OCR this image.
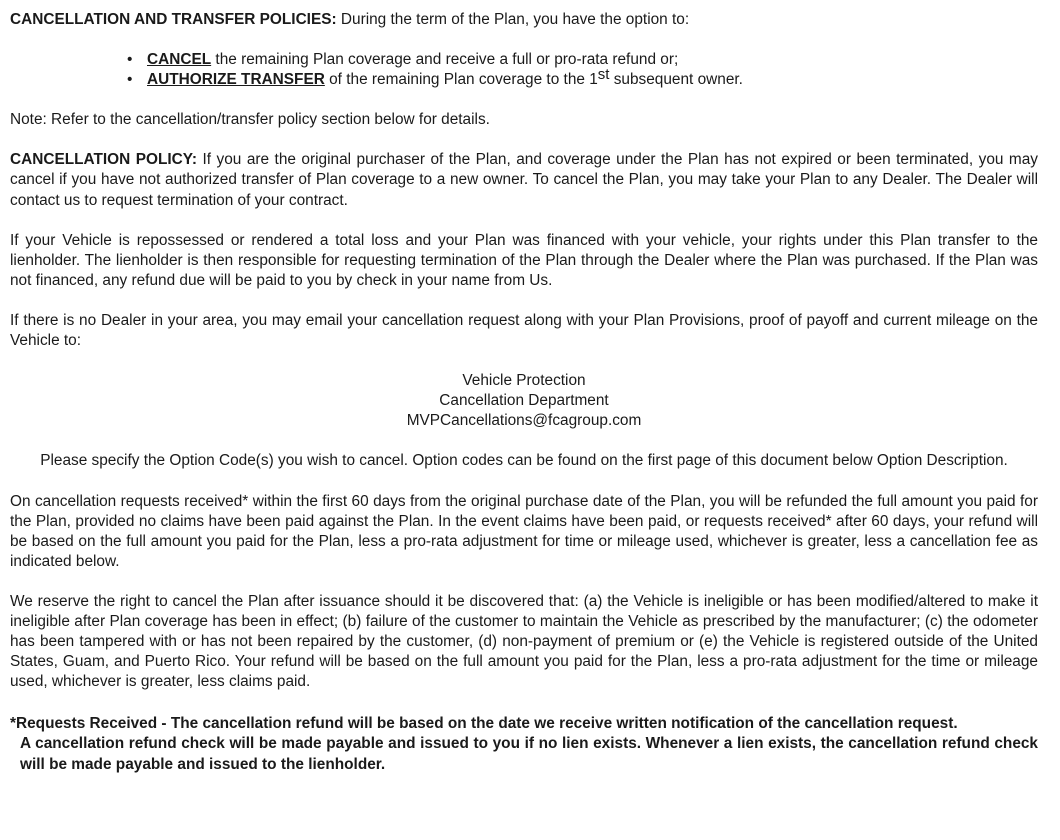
CANCELLATION AND TRANSFER POLICIES: During the term of the Plan, you have the option to:

• CANCEL the remaining Plan coverage and receive a full or pro-rata refund or;
• AUTHORIZE TRANSFER of the remaining Plan coverage to the 1st subsequent owner.

Note: Refer to the cancellation/transfer policy section below for details.

CANCELLATION POLICY: If you are the original purchaser of the Plan, and coverage under the Plan has not expired or been terminated, you may cancel if you have not authorized transfer of Plan coverage to a new owner. To cancel the Plan, you may take your Plan to any Dealer. The Dealer will contact us to request termination of your contract.

If your Vehicle is repossessed or rendered a total loss and your Plan was financed with your vehicle, your rights under this Plan transfer to the lienholder. The lienholder is then responsible for requesting termination of the Plan through the Dealer where the Plan was purchased. If the Plan was not financed, any refund due will be paid to you by check in your name from Us.

If there is no Dealer in your area, you may email your cancellation request along with your Plan Provisions, proof of payoff and current mileage on the Vehicle to:

Vehicle Protection

Cancellation Department

MVPCancellations@fcagroup.com

Please specify the Option Code(s) you wish to cancel. Option codes can be found on the first page of this document below Option Description.

On cancellation requests received* within the first 60 days from the original purchase date of the Plan, you will be refunded the full amount you paid for the Plan, provided no claims have been paid against the Plan. In the event claims have been paid, or requests received* after 60 days, your refund will be based on the full amount you paid for the Plan, less a pro-rata adjustment for time or mileage used, whichever is greater, less a cancellation fee as indicated below.

We reserve the right to cancel the Plan after issuance should it be discovered that: (a) the Vehicle is ineligible or has been modified/altered to make it ineligible after Plan coverage has been in effect; (b) failure of the customer to maintain the Vehicle as prescribed by the manufacturer; (c) the odometer has been tampered with or has not been repaired by the customer, (d) non-payment of premium or (e) the Vehicle is registered outside of the United States, Guam, and Puerto Rico. Your refund will be based on the full amount you paid for the Plan, less a pro-rata adjustment for the time or mileage used, whichever is greater, less claims paid.

*Requests Received - The cancellation refund will be based on the date we receive written notification of the cancellation request.

A cancellation refund check will be made payable and issued to you if no lien exists. Whenever a lien exists, the cancellation refund check will be made payable and issued to the lienholder.
